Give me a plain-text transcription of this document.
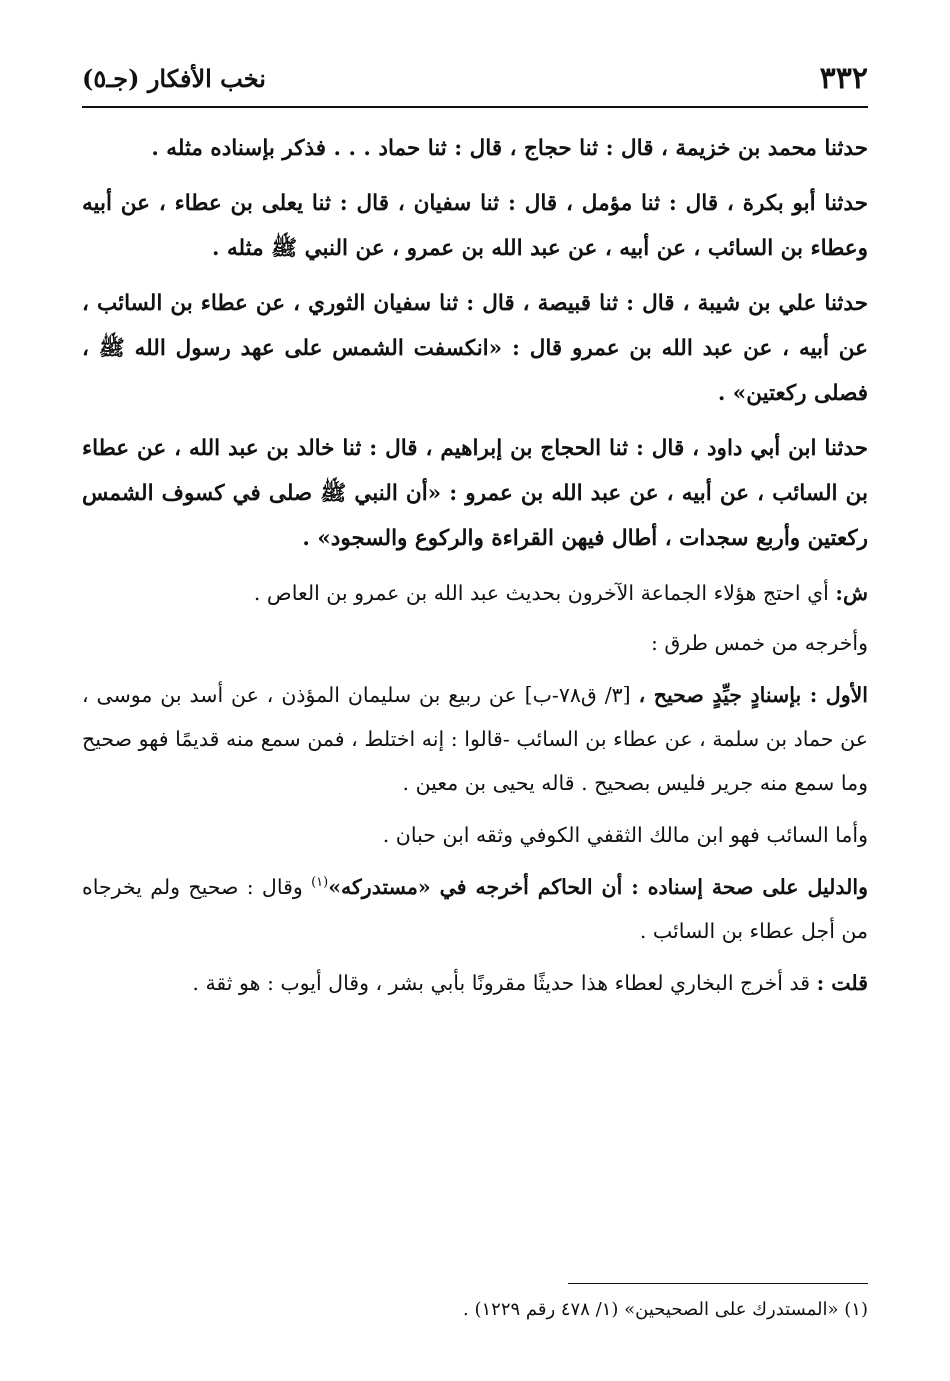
٣٣٢
نخب الأفكار (جـ٥)

حدثنا محمد بن خزيمة ، قال : ثنا حجاج ، قال : ثنا حماد . . . فذكر بإسناده مثله .

حدثنا أبو بكرة ، قال : ثنا مؤمل ، قال : ثنا سفيان ، قال : ثنا يعلى بن عطاء ، عن أبيه وعطاء بن السائب ، عن أبيه ، عن عبد الله بن عمرو ، عن النبي ﷺ مثله .

حدثنا علي بن شيبة ، قال : ثنا قبيصة ، قال : ثنا سفيان الثوري ، عن عطاء بن السائب ، عن أبيه ، عن عبد الله بن عمرو قال : «انكسفت الشمس على عهد رسول الله ﷺ ، فصلى ركعتين» .

حدثنا ابن أبي داود ، قال : ثنا الحجاج بن إبراهيم ، قال : ثنا خالد بن عبد الله ، عن عطاء بن السائب ، عن أبيه ، عن عبد الله بن عمرو : «أن النبي ﷺ صلى في كسوف الشمس ركعتين وأربع سجدات ، أطال فيهن القراءة والركوع والسجود» .

ش: أي احتج هؤلاء الجماعة الآخرون بحديث عبد الله بن عمرو بن العاص .

وأخرجه من خمس طرق :

الأول : بإسنادٍ جيِّدٍ صحيح ، [٣/ ق٧٨-ب] عن ربيع بن سليمان المؤذن ، عن أسد بن موسى ، عن حماد بن سلمة ، عن عطاء بن السائب -قالوا : إنه اختلط ، فمن سمع منه قديمًا فهو صحيح وما سمع منه جرير فليس بصحيح . قاله يحيى بن معين .

وأما السائب فهو ابن مالك الثقفي الكوفي وثقه ابن حبان .

والدليل على صحة إسناده : أن الحاكم أخرجه في «مستدركه»$^{(١)}$ وقال : صحيح ولم يخرجاه من أجل عطاء بن السائب .

قلت : قد أخرج البخاري لعطاء هذا حديثًا مقرونًا بأبي بشر ، وقال أيوب : هو ثقة .

(١) «المستدرك على الصحيحين» (١/ ٤٧٨ رقم ١٢٢٩) .
